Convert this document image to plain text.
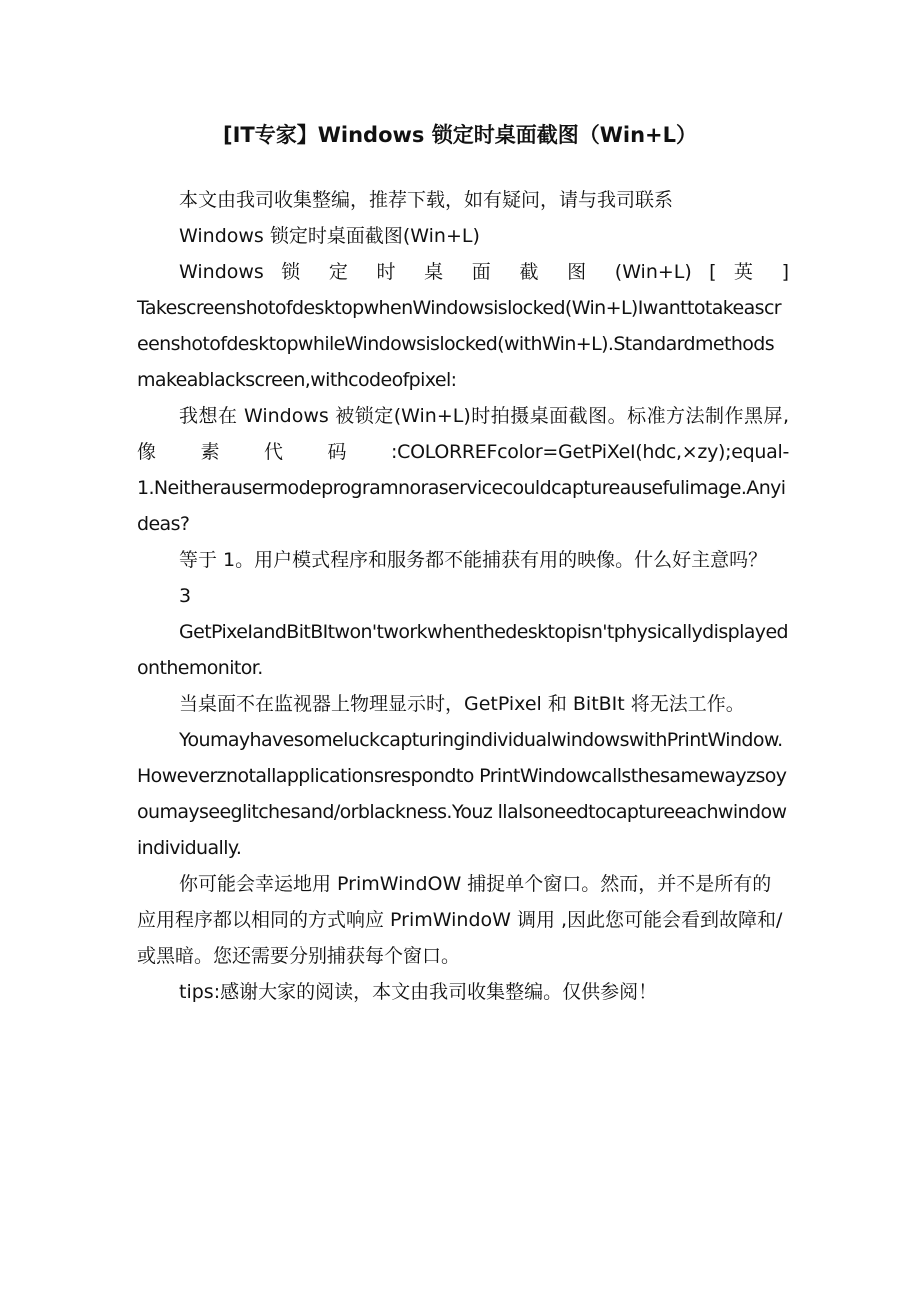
[IT专家】Windows 锁定时桌面截图（Win+L）

本文由我司收集整编，推荐下载，如有疑问，请与我司联系

Windows 锁定时桌面截图(Win+L)

Windows 锁 定 时 桌 面 截 图 (Win+L) [ 英 ]

TakescreenshotofdesktopwhenWindowsislocked(Win+L)IwanttotakeascreenshotofdesktopwhileWindowsislocked(withWin+L).Standardmethodsmakeablackscreen,withcodeofpixel:

我想在 Windows 被锁定(Win+L)时拍摄桌面截图。标准方法制作黑屏,

像 素 代 码 :COLORREFcolor=GetPiXeI(hdc,×zy);equal-

1.Neitherausermodeprogramnoraservicecouldcaptureausefulimage.Anyideas?

等于 1。用户模式程序和服务都不能捕获有用的映像。什么好主意吗？

3

GetPixeIandBitBItwon'tworkwhenthedesktopisn'tphysicallydisplayedonthemonitor.

当桌面不在监视器上物理显示时，GetPixel 和 BitBIt 将无法工作。

YoumayhavesomeluckcapturingindividualwindowswithPrintWindow.Howeverznotallapplicationsrespondto PrintWindowcallsthesamewayzsoyoumayseeglitchesand/orblackness.Youz llalsoneedtocaptureeachwindowindividually.

你可能会幸运地用 PrimWindOW 捕捉单个窗口。然而，并不是所有的应用程序都以相同的方式响应 PrimWindoW 调用 ,因此您可能会看到故障和/或黑暗。您还需要分别捕获每个窗口。

tips:感谢大家的阅读，本文由我司收集整编。仅供参阅！
